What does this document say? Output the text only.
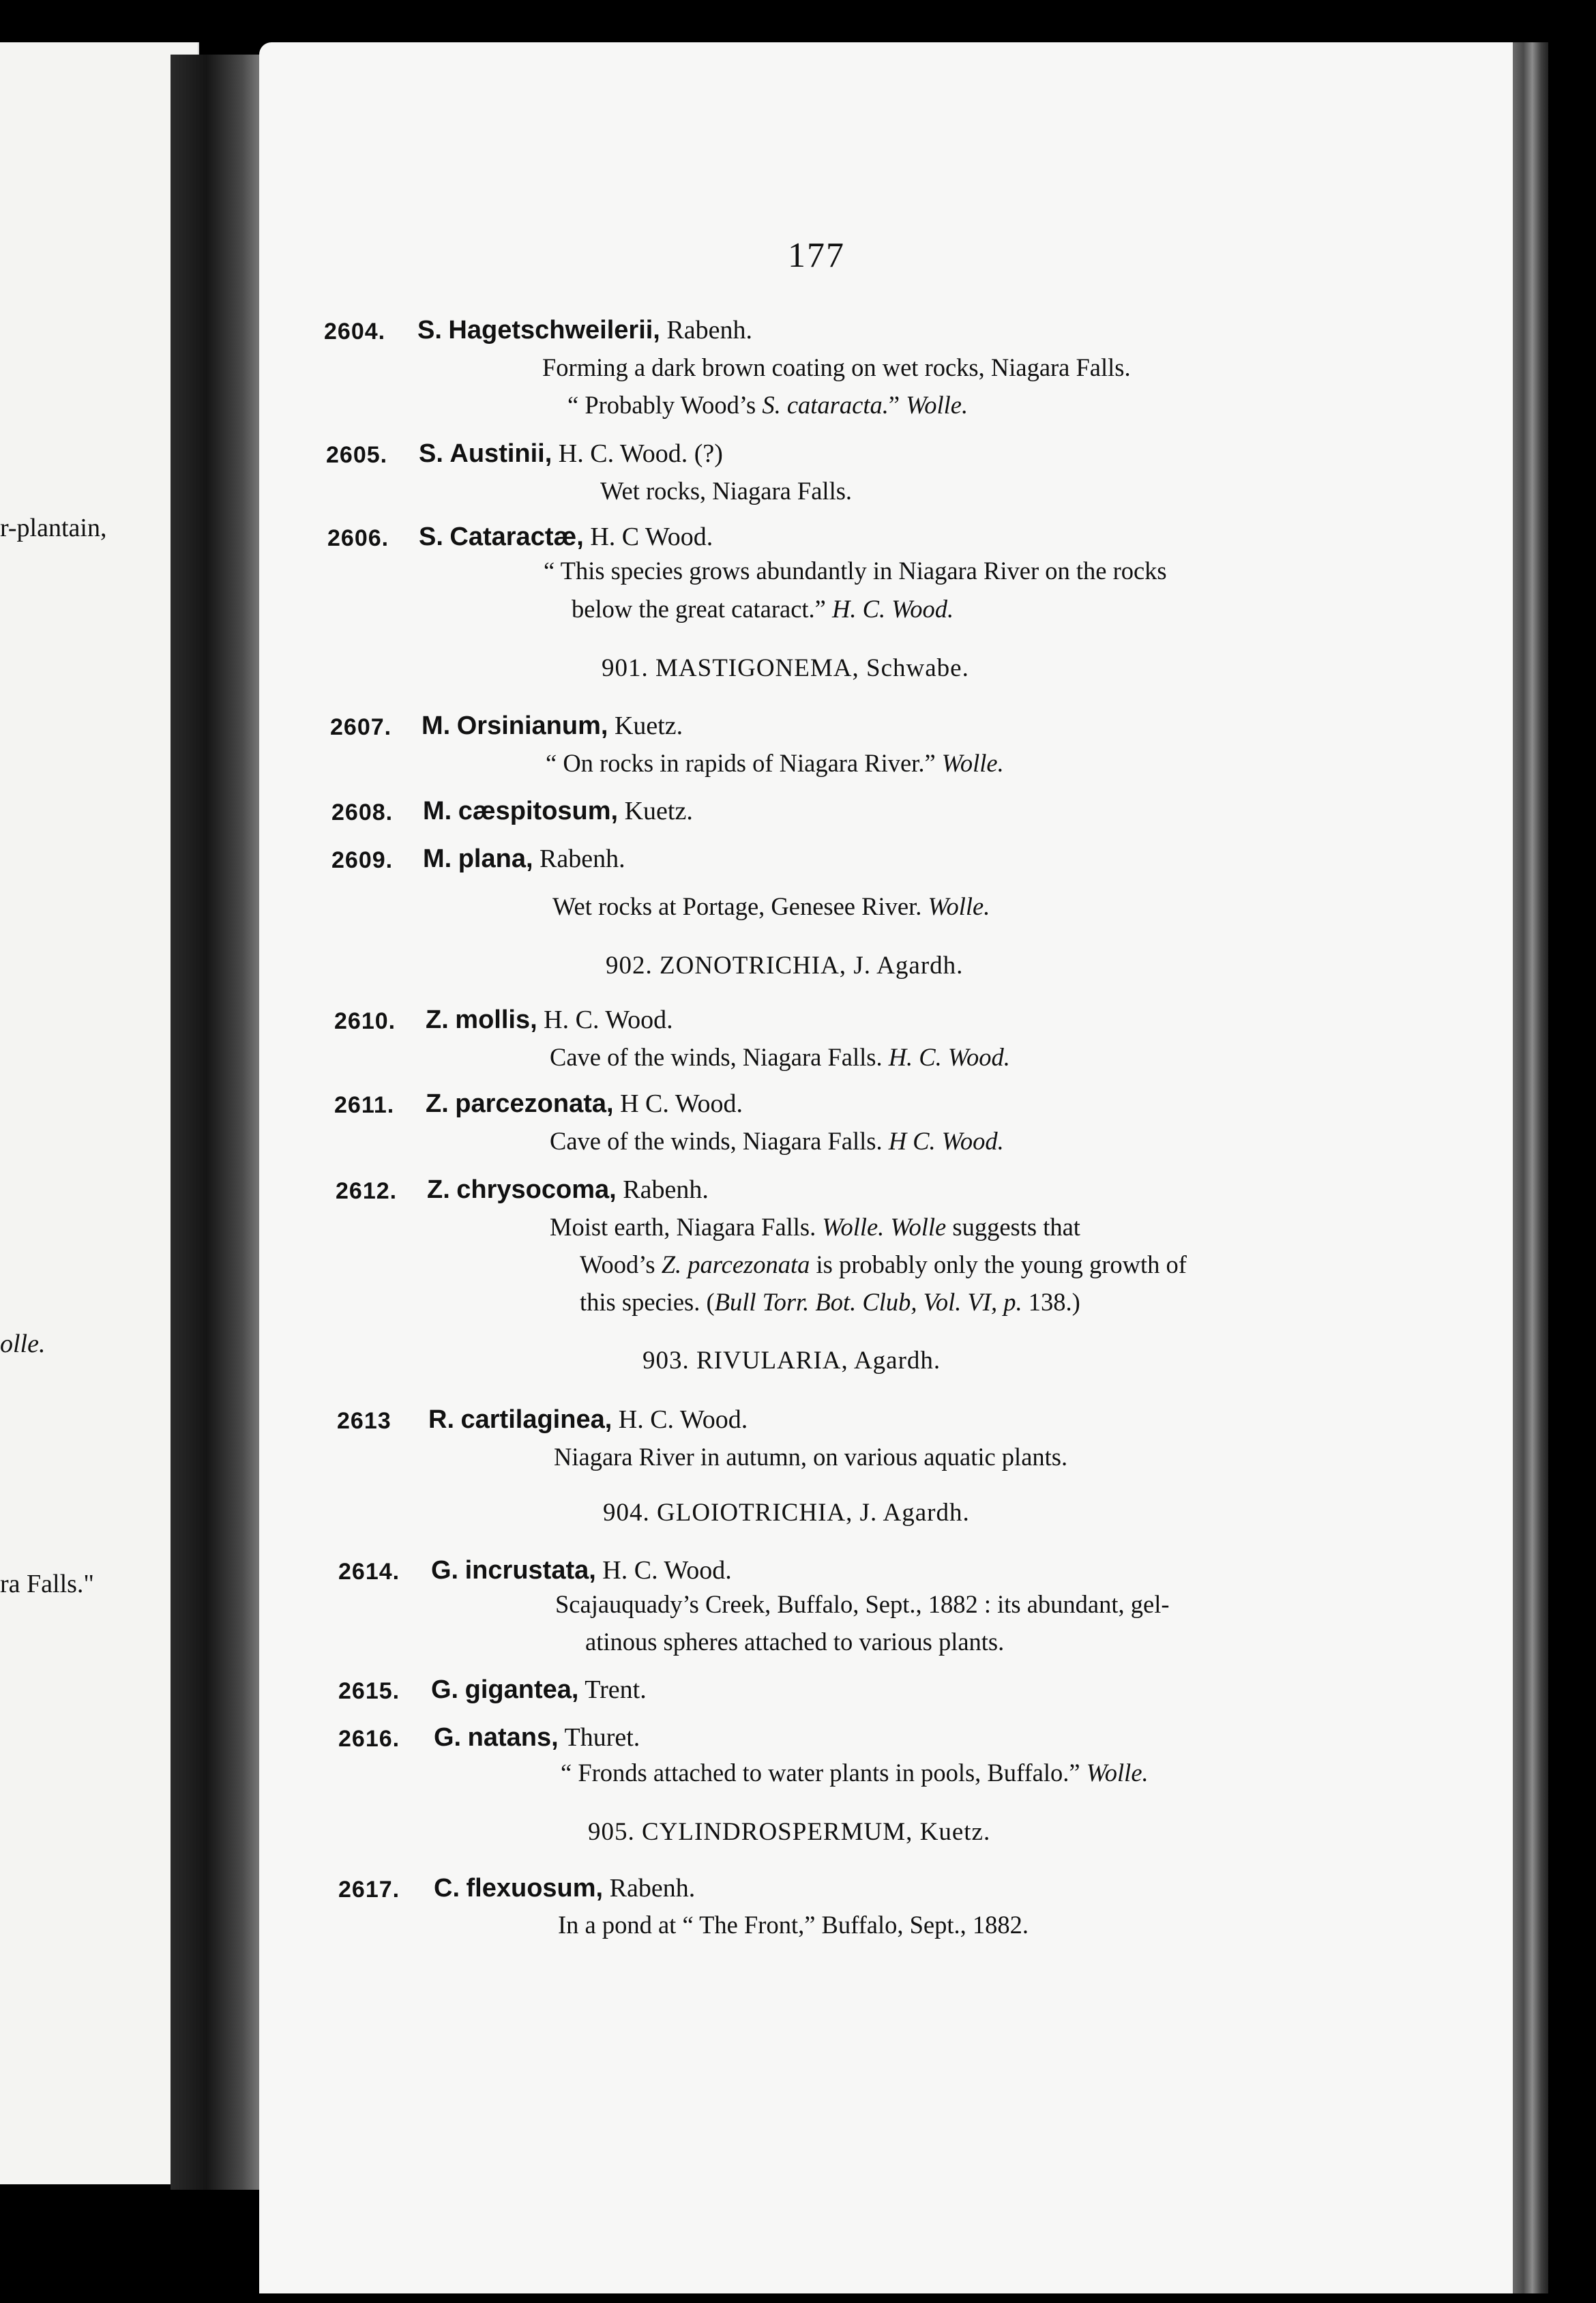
r-plantain,
olle.
ra Falls."
177
2604. S. Hagetschweilerii, Rabenh.
Forming a dark brown coating on wet rocks, Niagara Falls.
“ Probably Wood’s S. cataracta.” Wolle.
2605. S. Austinii, H. C. Wood. (?)
Wet rocks, Niagara Falls.
2606. S. Cataractæ, H. C Wood.
“ This species grows abundantly in Niagara River on the rocks
below the great cataract.” H. C. Wood.
901. MASTIGONEMA, Schwabe.
2607. M. Orsinianum, Kuetz.
“ On rocks in rapids of Niagara River.” Wolle.
2608. M. cæspitosum, Kuetz.
2609. M. plana, Rabenh.
Wet rocks at Portage, Genesee River. Wolle.
902. ZONOTRICHIA, J. Agardh.
2610. Z. mollis, H. C. Wood.
Cave of the winds, Niagara Falls. H. C. Wood.
2611. Z. parcezonata, H C. Wood.
Cave of the winds, Niagara Falls. H C. Wood.
2612. Z. chrysocoma, Rabenh.
Moist earth, Niagara Falls. Wolle. Wolle suggests that
Wood’s Z. parcezonata is probably only the young growth of
this species. (Bull Torr. Bot. Club, Vol. VI, p. 138.)
903. RIVULARIA, Agardh.
2613 R. cartilaginea, H. C. Wood.
Niagara River in autumn, on various aquatic plants.
904. GLOIOTRICHIA, J. Agardh.
2614. G. incrustata, H. C. Wood.
Scajauquady’s Creek, Buffalo, Sept., 1882 : its abundant, gel-
atinous spheres attached to various plants.
2615. G. gigantea, Trent.
2616. G. natans, Thuret.
“ Fronds attached to water plants in pools, Buffalo.” Wolle.
905. CYLINDROSPERMUM, Kuetz.
2617. C. flexuosum, Rabenh.
In a pond at “ The Front,” Buffalo, Sept., 1882.
